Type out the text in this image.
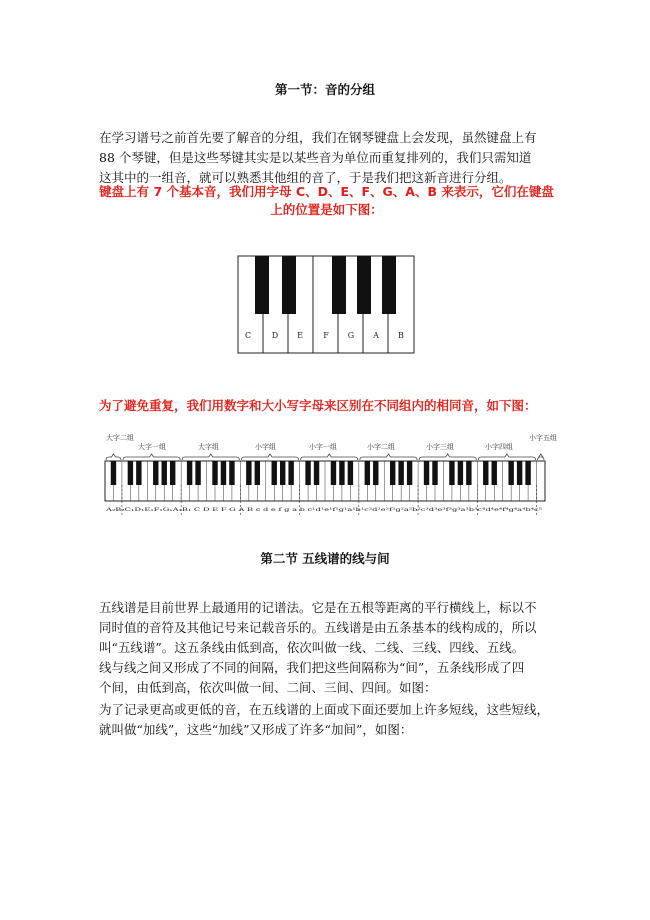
第一节：音的分组
在学习谱号之前首先要了解音的分组，我们在钢琴键盘上会发现，虽然键盘上有
88 个琴键，但是这些琴键其实是以某些音为单位而重复排列的，我们只需知道
这其中的一组音，就可以熟悉其他组的音了，于是我们把这新音进行分组。
键盘上有 7 个基本音，我们用字母 C、D、E、F、G、A、B 来表示，它们在键盘
上的位置是如下图：
C	D E	F G A B
为了避免重复，我们用数字和大小写字母来区别在不同组内的相同音，如下图：
大字二组
大字一组	大字组	小字组	小字一组	小字二组	小字三组	小字四组
小字五组
A₂B₂C₁D₁E₁F₁G₁A₁B₁ C D E F G A B c d e f g a b c¹d¹e¹f¹g¹a¹b¹c²d²e²f²g²a²b²c³d³e³f³g³a³b³c⁴d⁴e⁴f⁴g⁴a⁴b⁴c⁵
第二节 五线谱的线与间
五线谱是目前世界上最通用的记谱法。它是在五根等距离的平行横线上，标以不
同时值的音符及其他记号来记载音乐的。五线谱是由五条基本的线构成的，所以
叫“五线谱”。这五条线由低到高，依次叫做一线、二线、三线、四线、五线。
线与线之间又形成了不同的间隔，我们把这些间隔称为“间”，五条线形成了四
个间，由低到高，依次叫做一间、二间、三间、四间。如图：
为了记录更高或更低的音，在五线谱的上面或下面还要加上许多短线，这些短线，
就叫做“加线”，这些“加线”又形成了许多“加间”，如图：
